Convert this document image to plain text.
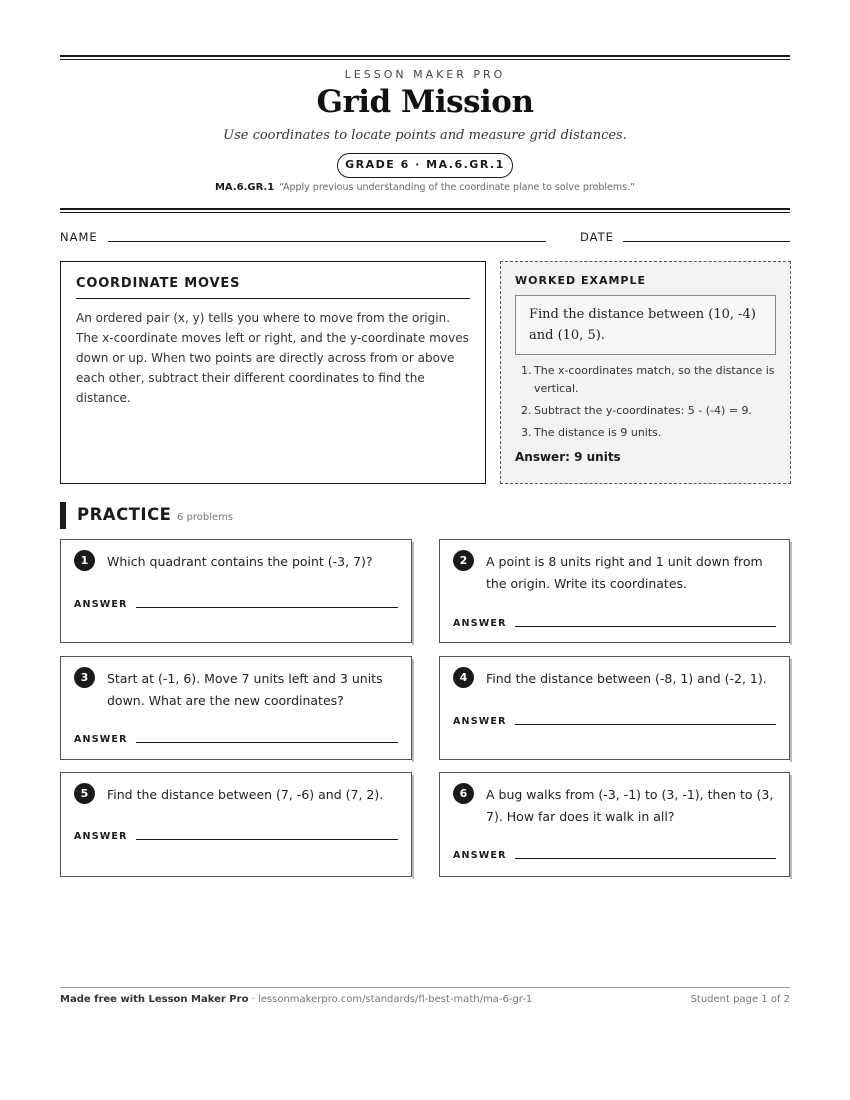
LESSON MAKER PRO
Grid Mission
Use coordinates to locate points and measure grid distances.
GRADE 6 · MA.6.GR.1
MA.6.GR.1 “Apply previous understanding of the coordinate plane to solve problems.”
NAME	DATE
COORDINATE MOVES

An ordered pair (x, y) tells you where to move from the origin. The x-coordinate moves left or right, and the y-coordinate moves down or up. When two points are directly across from or above each other, subtract their different coordinates to find the distance.

WORKED EXAMPLE
Find the distance between (10, -4) and (10, 5).
1. The x-coordinates match, so the distance is vertical.
2. Subtract the y-coordinates: 5 - (-4) = 9.
3. The distance is 9 units.
Answer: 9 units
PRACTICE 6 problems
1	Which quadrant contains the point (-3, 7)?

ANSWER
2	A point is 8 units right and 1 unit down from the origin. Write its coordinates.

ANSWER
3	Start at (-1, 6). Move 7 units left and 3 units down. What are the new coordinates?

ANSWER
4	Find the distance between (-8, 1) and (-2, 1).

ANSWER
5	Find the distance between (7, -6) and (7, 2).

ANSWER
6	A bug walks from (-3, -1) to (3, -1), then to (3, 7). How far does it walk in all?

ANSWER
Made free with Lesson Maker Pro · lessonmakerpro.com/standards/fl-best-math/ma-6-gr-1	Student page 1 of 2
